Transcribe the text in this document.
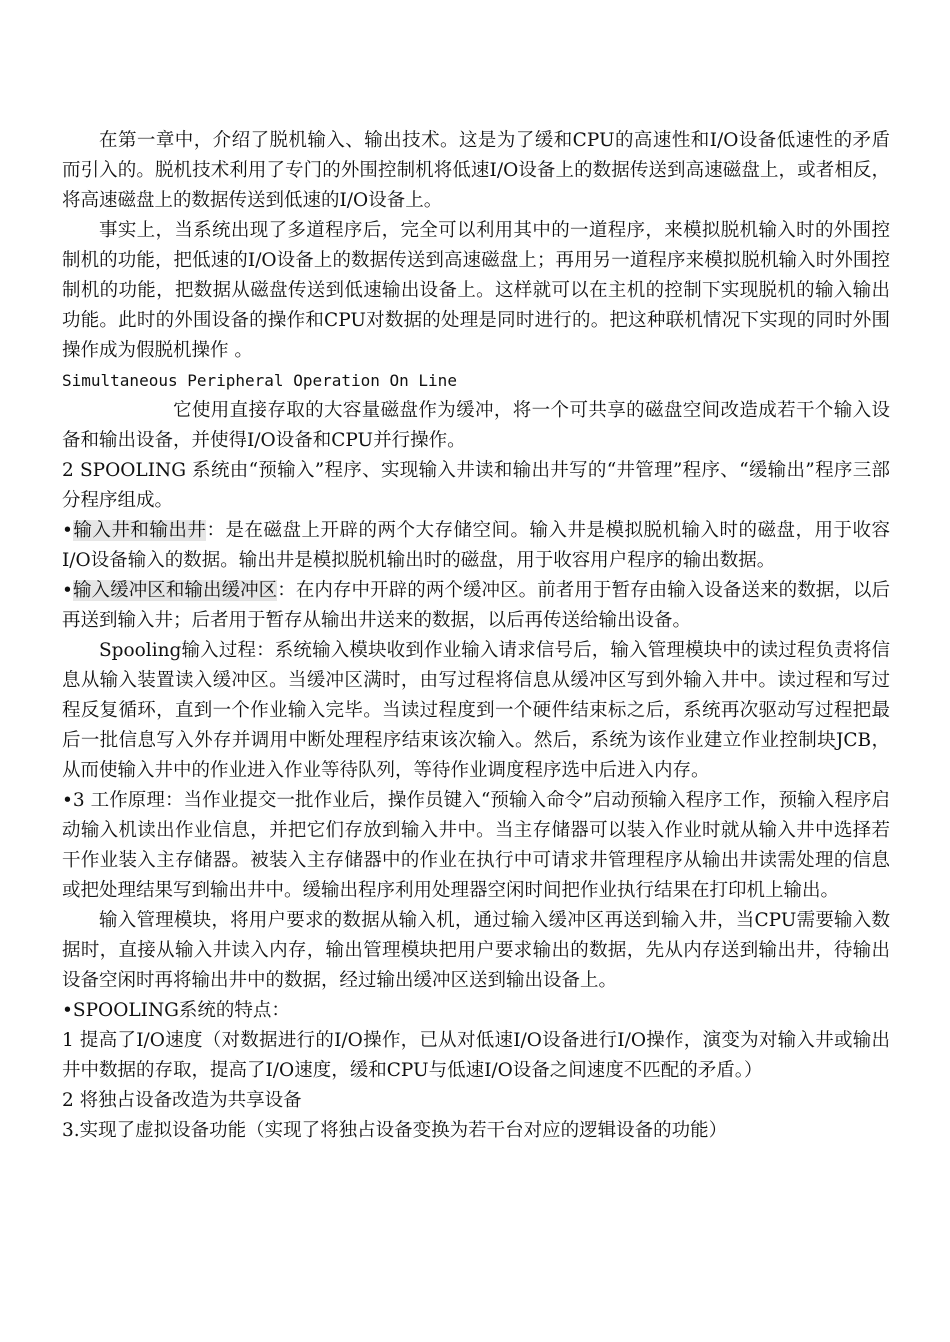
在第一章中，介绍了脱机输入、输出技术。这是为了缓和CPU的高速性和I/O设备低速性的矛盾而引入的。脱机技术利用了专门的外围控制机将低速I/O设备上的数据传送到高速磁盘上，或者相反，将高速磁盘上的数据传送到低速的I/O设备上。

事实上，当系统出现了多道程序后，完全可以利用其中的一道程序，来模拟脱机输入时的外围控制机的功能，把低速的I/O设备上的数据传送到高速磁盘上；再用另一道程序来模拟脱机输入时外围控制机的功能，把数据从磁盘传送到低速输出设备上。这样就可以在主机的控制下实现脱机的输入输出功能。此时的外围设备的操作和CPU对数据的处理是同时进行的。把这种联机情况下实现的同时外围操作成为假脱机操作 。

Simultaneous Peripheral Operation On Line

它使用直接存取的大容量磁盘作为缓冲，将一个可共享的磁盘空间改造成若干个输入设备和输出设备，并使得I/O设备和CPU并行操作。

2 SPOOLING 系统由“预输入”程序、实现输入井读和输出井写的“井管理”程序、“缓输出”程序三部分程序组成。

•输入井和输出井：是在磁盘上开辟的两个大存储空间。输入井是模拟脱机输入时的磁盘，用于收容I/O设备输入的数据。输出井是模拟脱机输出时的磁盘，用于收容用户程序的输出数据。

•输入缓冲区和输出缓冲区：在内存中开辟的两个缓冲区。前者用于暂存由输入设备送来的数据，以后再送到输入井；后者用于暂存从输出井送来的数据，以后再传送给输出设备。

Spooling输入过程：系统输入模块收到作业输入请求信号后，输入管理模块中的读过程负责将信息从输入装置读入缓冲区。当缓冲区满时，由写过程将信息从缓冲区写到外输入井中。读过程和写过程反复循环，直到一个作业输入完毕。当读过程度到一个硬件结束标之后，系统再次驱动写过程把最后一批信息写入外存并调用中断处理程序结束该次输入。然后，系统为该作业建立作业控制块JCB，从而使输入井中的作业进入作业等待队列，等待作业调度程序选中后进入内存。

•3 工作原理：当作业提交一批作业后，操作员键入“预输入命令”启动预输入程序工作，预输入程序启动输入机读出作业信息，并把它们存放到输入井中。当主存储器可以装入作业时就从输入井中选择若干作业装入主存储器。被装入主存储器中的作业在执行中可请求井管理程序从输出井读需处理的信息或把处理结果写到输出井中。缓输出程序利用处理器空闲时间把作业执行结果在打印机上输出。

输入管理模块，将用户要求的数据从输入机，通过输入缓冲区再送到输入井，当CPU需要输入数据时，直接从输入井读入内存，输出管理模块把用户要求输出的数据，先从内存送到输出井，待输出设备空闲时再将输出井中的数据，经过输出缓冲区送到输出设备上。

•SPOOLING系统的特点：

1 提高了I/O速度（对数据进行的I/O操作，已从对低速I/O设备进行I/O操作，演变为对输入井或输出井中数据的存取，提高了I/O速度，缓和CPU与低速I/O设备之间速度不匹配的矛盾。）

2 将独占设备改造为共享设备

3.实现了虚拟设备功能（实现了将独占设备变换为若干台对应的逻辑设备的功能）
